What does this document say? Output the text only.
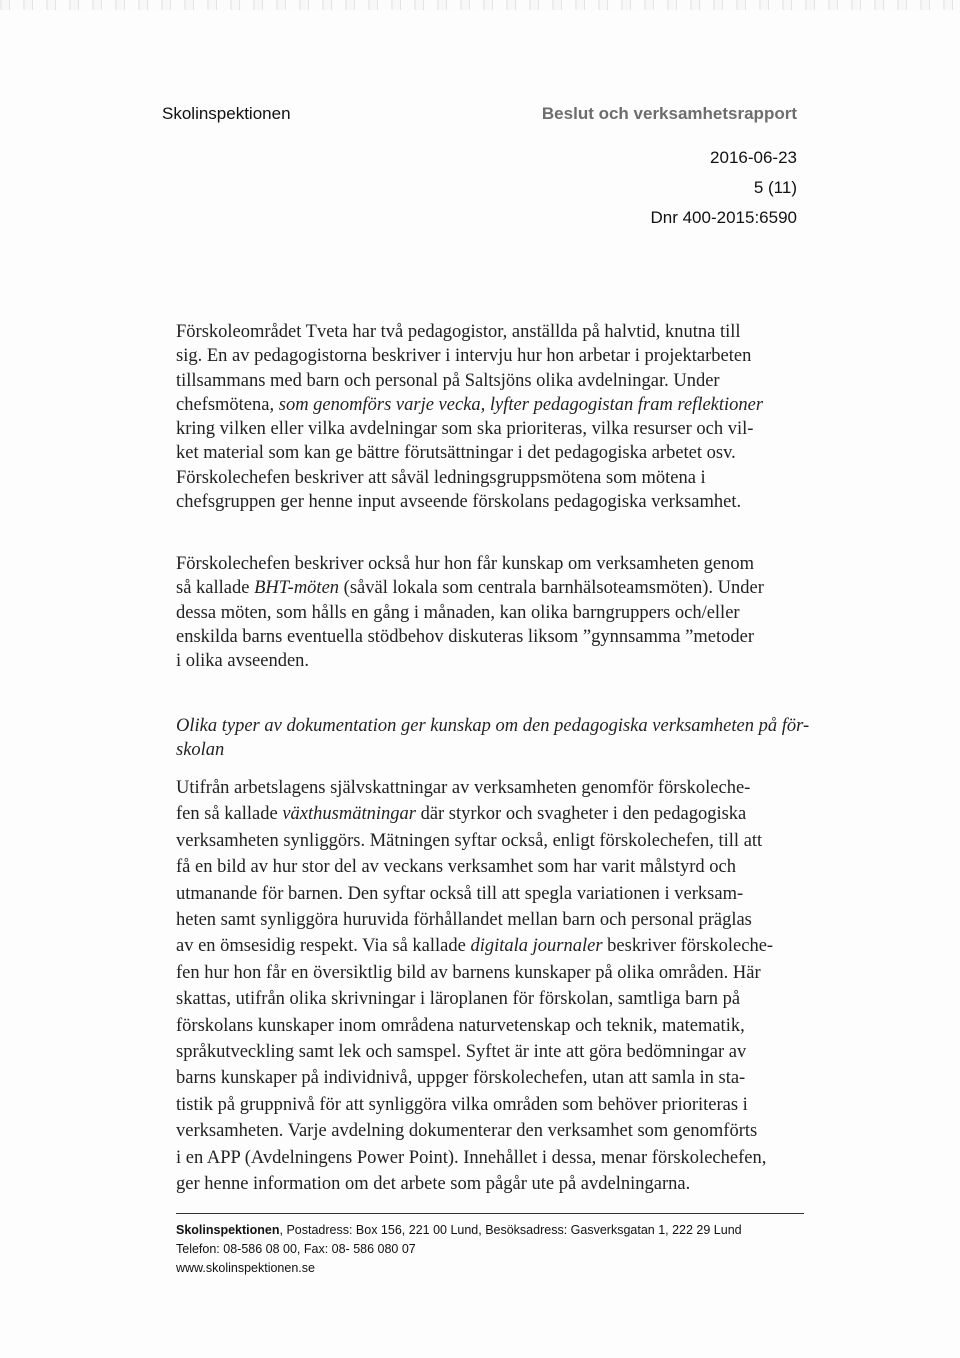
Skolinspektionen	Beslut och verksamhetsrapport
2016-06-23
5 (11)
Dnr 400-2015:6590
Förskoleområdet Tveta har två pedagogistor, anställda på halvtid, knutna till
sig. En av pedagogistorna beskriver i intervju hur hon arbetar i projektarbeten
tillsammans med barn och personal på Saltsjöns olika avdelningar. Under
chefsmötena, som genomförs varje vecka, lyfter pedagogistan fram reflektioner
kring vilken eller vilka avdelningar som ska prioriteras, vilka resurser och vil-
ket material som kan ge bättre förutsättningar i det pedagogiska arbetet osv.
Förskolechefen beskriver att såväl ledningsgruppsmötena som mötena i
chefsgruppen ger henne input avseende förskolans pedagogiska verksamhet.
Förskolechefen beskriver också hur hon får kunskap om verksamheten genom
så kallade BHT-möten (såväl lokala som centrala barnhälsoteamsmöten). Under
dessa möten, som hålls en gång i månaden, kan olika barngruppers och/eller
enskilda barns eventuella stödbehov diskuteras liksom ”gynnsamma ”metoder
i olika avseenden.
Olika typer av dokumentation ger kunskap om den pedagogiska verksamheten på för-
skolan
Utifrån arbetslagens självskattningar av verksamheten genomför förskoleche-
fen så kallade växthusmätningar där styrkor och svagheter i den pedagogiska
verksamheten synliggörs. Mätningen syftar också, enligt förskolechefen, till att
få en bild av hur stor del av veckans verksamhet som har varit målstyrd och
utmanande för barnen. Den syftar också till att spegla variationen i verksam-
heten samt synliggöra huruvida förhållandet mellan barn och personal präglas
av en ömsesidig respekt. Via så kallade digitala journaler beskriver förskoleche-
fen hur hon får en översiktlig bild av barnens kunskaper på olika områden. Här
skattas, utifrån olika skrivningar i läroplanen för förskolan, samtliga barn på
förskolans kunskaper inom områdena naturvetenskap och teknik, matematik,
språkutveckling samt lek och samspel. Syftet är inte att göra bedömningar av
barns kunskaper på individnivå, uppger förskolechefen, utan att samla in sta-
tistik på gruppnivå för att synliggöra vilka områden som behöver prioriteras i
verksamheten. Varje avdelning dokumenterar den verksamhet som genomförts
i en APP (Avdelningens Power Point). Innehållet i dessa, menar förskolechefen,
ger henne information om det arbete som pågår ute på avdelningarna.
Skolinspektionen, Postadress: Box 156, 221 00 Lund, Besöksadress: Gasverksgatan 1, 222 29 Lund
Telefon: 08-586 08 00, Fax: 08- 586 080 07
www.skolinspektionen.se
